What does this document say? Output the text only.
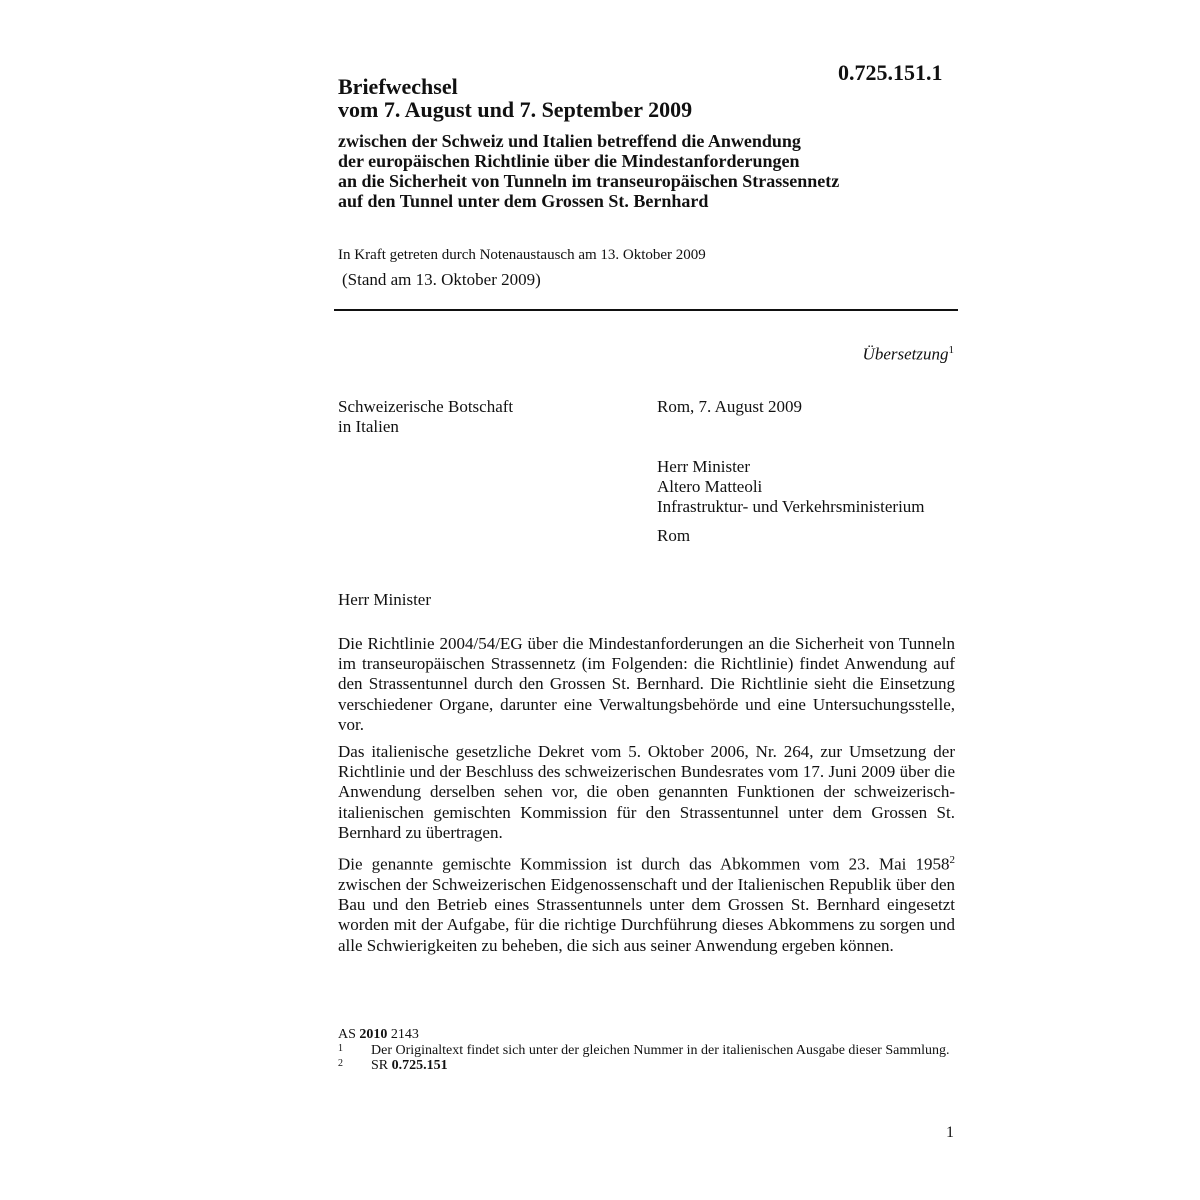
0.725.151.1
Briefwechsel
vom 7. August und 7. September 2009
zwischen der Schweiz und Italien betreffend die Anwendung
der europäischen Richtlinie über die Mindestanforderungen
an die Sicherheit von Tunneln im transeuropäischen Strassennetz
auf den Tunnel unter dem Grossen St. Bernhard
In Kraft getreten durch Notenaustausch am 13. Oktober 2009
(Stand am 13. Oktober 2009)
Übersetzung$^1$
Schweizerische Botschaft
in Italien
Rom, 7. August 2009
Herr Minister
Altero Matteoli
Infrastruktur- und Verkehrsministerium
Rom
Herr Minister

Die Richtlinie 2004/54/EG über die Mindestanforderungen an die Sicherheit von Tunneln im transeuropäischen Strassennetz (im Folgenden: die Richtlinie) findet Anwendung auf den Strassentunnel durch den Grossen St. Bernhard. Die Richtlinie sieht die Einsetzung verschiedener Organe, darunter eine Verwaltungsbehörde und eine Untersuchungsstelle, vor.

Das italienische gesetzliche Dekret vom 5. Oktober 2006, Nr. 264, zur Umsetzung der Richtlinie und der Beschluss des schweizerischen Bundesrates vom 17. Juni 2009 über die Anwendung derselben sehen vor, die oben genannten Funktionen der schweizerisch-italienischen gemischten Kommission für den Strassentunnel unter dem Grossen St. Bernhard zu übertragen.

Die genannte gemischte Kommission ist durch das Abkommen vom 23. Mai 1958$^2$ zwischen der Schweizerischen Eidgenossenschaft und der Italienischen Republik über den Bau und den Betrieb eines Strassentunnels unter dem Grossen St. Bernhard eingesetzt worden mit der Aufgabe, für die richtige Durchführung dieses Abkommens zu sorgen und alle Schwierigkeiten zu beheben, die sich aus seiner Anwendung ergeben können.

AS 2010 2143
1	Der Originaltext findet sich unter der gleichen Nummer in der italienischen Ausgabe dieser Sammlung.
2	SR 0.725.151
1
